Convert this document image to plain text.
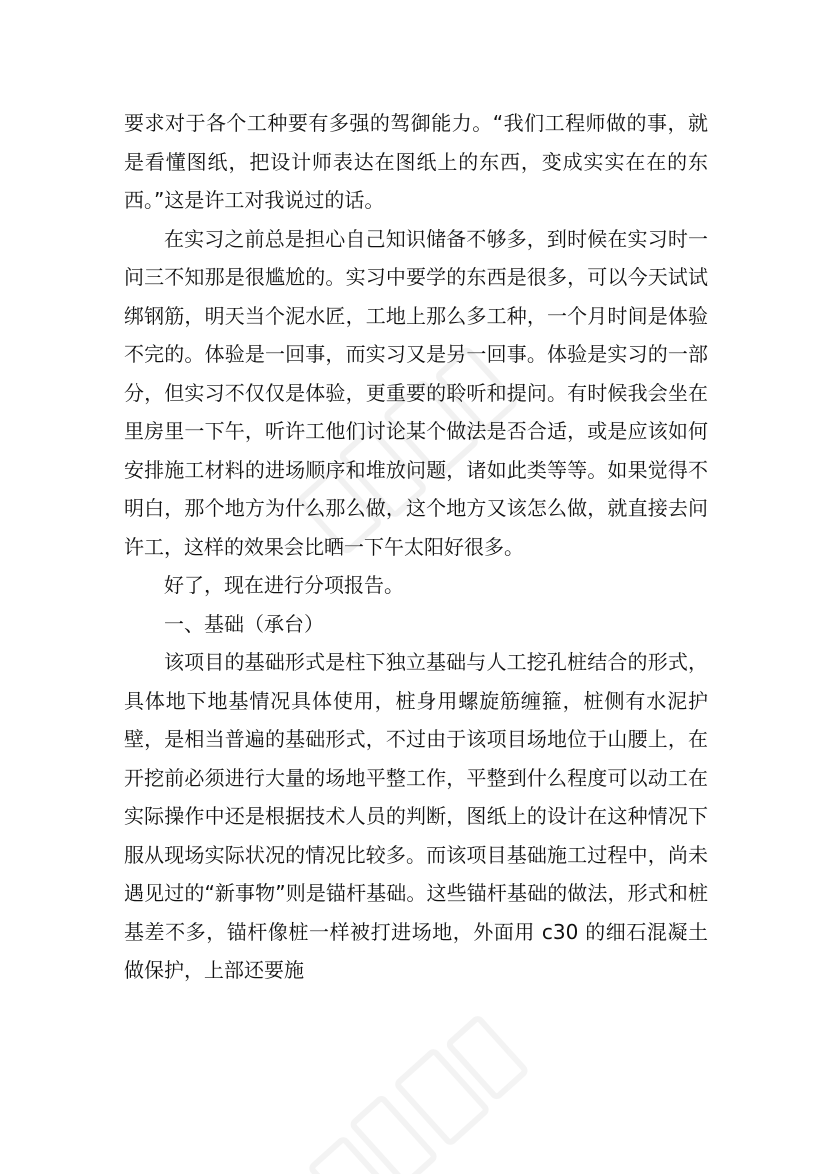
要求对于各个工种要有多强的驾御能力。“我们工程师做的事，就是看懂图纸，把设计师表达在图纸上的东西，变成实实在在的东西。”这是许工对我说过的话。

在实习之前总是担心自己知识储备不够多，到时候在实习时一问三不知那是很尴尬的。实习中要学的东西是很多，可以今天试试绑钢筋，明天当个泥水匠，工地上那么多工种，一个月时间是体验不完的。体验是一回事，而实习又是另一回事。体验是实习的一部分，但实习不仅仅是体验，更重要的聆听和提问。有时候我会坐在里房里一下午，听许工他们讨论某个做法是否合适，或是应该如何安排施工材料的进场顺序和堆放问题，诸如此类等等。如果觉得不明白，那个地方为什么那么做，这个地方又该怎么做，就直接去问许工，这样的效果会比晒一下午太阳好很多。

好了，现在进行分项报告。

一、基础（承台）

该项目的基础形式是柱下独立基础与人工挖孔桩结合的形式，具体地下地基情况具体使用，桩身用螺旋筋缠箍，桩侧有水泥护壁，是相当普遍的基础形式，不过由于该项目场地位于山腰上，在开挖前必须进行大量的场地平整工作，平整到什么程度可以动工在实际操作中还是根据技术人员的判断，图纸上的设计在这种情况下服从现场实际状况的情况比较多。而该项目基础施工过程中，尚未遇见过的“新事物”则是锚杆基础。这些锚杆基础的做法，形式和桩基差不多，锚杆像桩一样被打进场地，外面用 c30 的细石混凝土做保护，上部还要施
